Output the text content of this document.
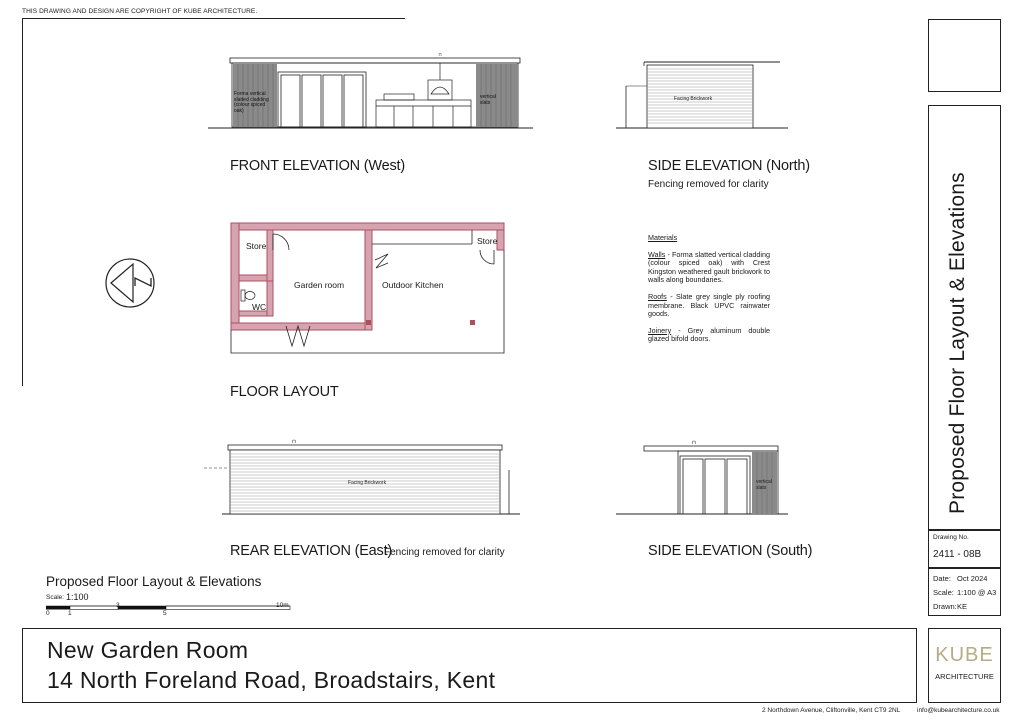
THIS DRAWING AND DESIGN ARE COPYRIGHT OF KUBE ARCHITECTURE.
⊓
Forma vertical slatted cladding (colour spiced oak)
vertical slats
FRONT ELEVATION (West)
Facing Brickwork
SIDE ELEVATION (North)
Fencing removed for clarity
Store	Store
WC
Garden room	Outdoor Kitchen
FLOOR LAYOUT
Materials
Walls - Forma slatted vertical cladding (colour spiced oak) with Crest Kingston weathered gault brickwork to walls along boundaries.
Roofs - Slate grey single ply roofing membrane. Black UPVC rainwater goods.
Joinery - Grey aluminum double glazed bifold doors.
⊓
Facing Brickwork
REAR ELEVATION (East)
Fencing removed for clarity
⊓
vertical slats
SIDE ELEVATION (South)
Proposed Floor Layout & Elevations
Scale: 1:100
0	1
3
5
10m
Proposed Floor Layout & Elevations
Drawing No.
2411 - 08B
Date: Oct 2024
Scale: 1:100 @ A3
Drawn: KE
New Garden Room
14 North Foreland Road, Broadstairs, Kent
KUBE
ARCHITECTURE
2 Northdown Avenue, Cliftonville, Kent CT9 2NL	info@kubearchitecture.co.uk
